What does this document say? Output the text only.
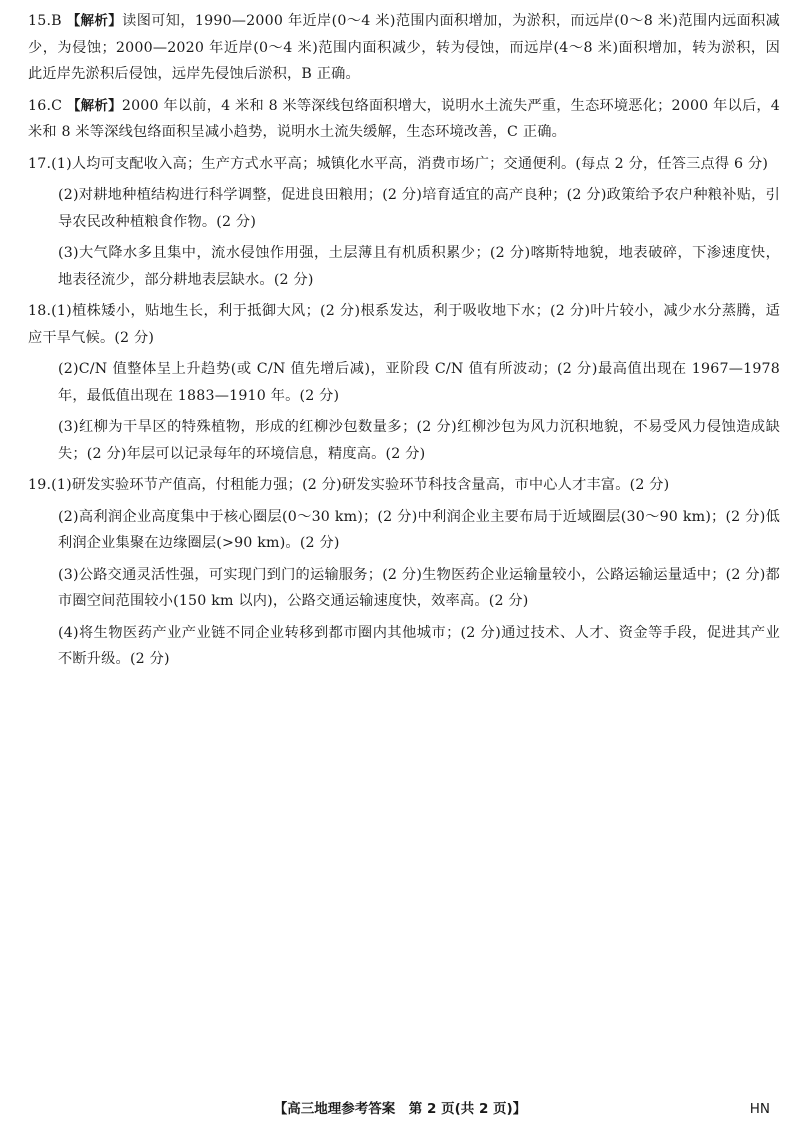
15.B 【解析】读图可知，1990—2000 年近岸(0～4 米)范围内面积增加，为淤积，而远岸(0～8 米)范围内远面积减少，为侵蚀；2000—2020 年近岸(0～4 米)范围内面积减少，转为侵蚀，而远岸(4～8 米)面积增加，转为淤积，因此近岸先淤积后侵蚀，远岸先侵蚀后淤积，B 正确。

16.C 【解析】2000 年以前，4 米和 8 米等深线包络面积增大，说明水土流失严重，生态环境恶化；2000 年以后，4 米和 8 米等深线包络面积呈减小趋势，说明水土流失缓解，生态环境改善，C 正确。

17.(1)人均可支配收入高；生产方式水平高；城镇化水平高，消费市场广；交通便利。(每点 2 分，任答三点得 6 分)

(2)对耕地种植结构进行科学调整，促进良田粮用；(2 分)培育适宜的高产良种；(2 分)政策给予农户种粮补贴，引导农民改种植粮食作物。(2 分)

(3)大气降水多且集中，流水侵蚀作用强，土层薄且有机质积累少；(2 分)喀斯特地貌，地表破碎，下渗速度快，地表径流少，部分耕地表层缺水。(2 分)

18.(1)植株矮小，贴地生长，利于抵御大风；(2 分)根系发达，利于吸收地下水；(2 分)叶片较小，减少水分蒸腾，适应干旱气候。(2 分)

(2)C/N 值整体呈上升趋势(或 C/N 值先增后减)，亚阶段 C/N 值有所波动；(2 分)最高值出现在 1967—1978 年，最低值出现在 1883—1910 年。(2 分)

(3)红柳为干旱区的特殊植物，形成的红柳沙包数量多；(2 分)红柳沙包为风力沉积地貌，不易受风力侵蚀造成缺失；(2 分)年层可以记录每年的环境信息，精度高。(2 分)

19.(1)研发实验环节产值高，付租能力强；(2 分)研发实验环节科技含量高，市中心人才丰富。(2 分)

(2)高利润企业高度集中于核心圈层(0～30 km)；(2 分)中利润企业主要布局于近域圈层(30～90 km)；(2 分)低利润企业集聚在边缘圈层(>90 km)。(2 分)

(3)公路交通灵活性强，可实现门到门的运输服务；(2 分)生物医药企业运输量较小，公路运输运量适中；(2 分)都市圈空间范围较小(150 km 以内)，公路交通运输速度快，效率高。(2 分)

(4)将生物医药产业产业链不同企业转移到都市圈内其他城市；(2 分)通过技术、人才、资金等手段，促进其产业不断升级。(2 分)

【高三地理参考答案　第 2 页(共 2 页)】	HN
